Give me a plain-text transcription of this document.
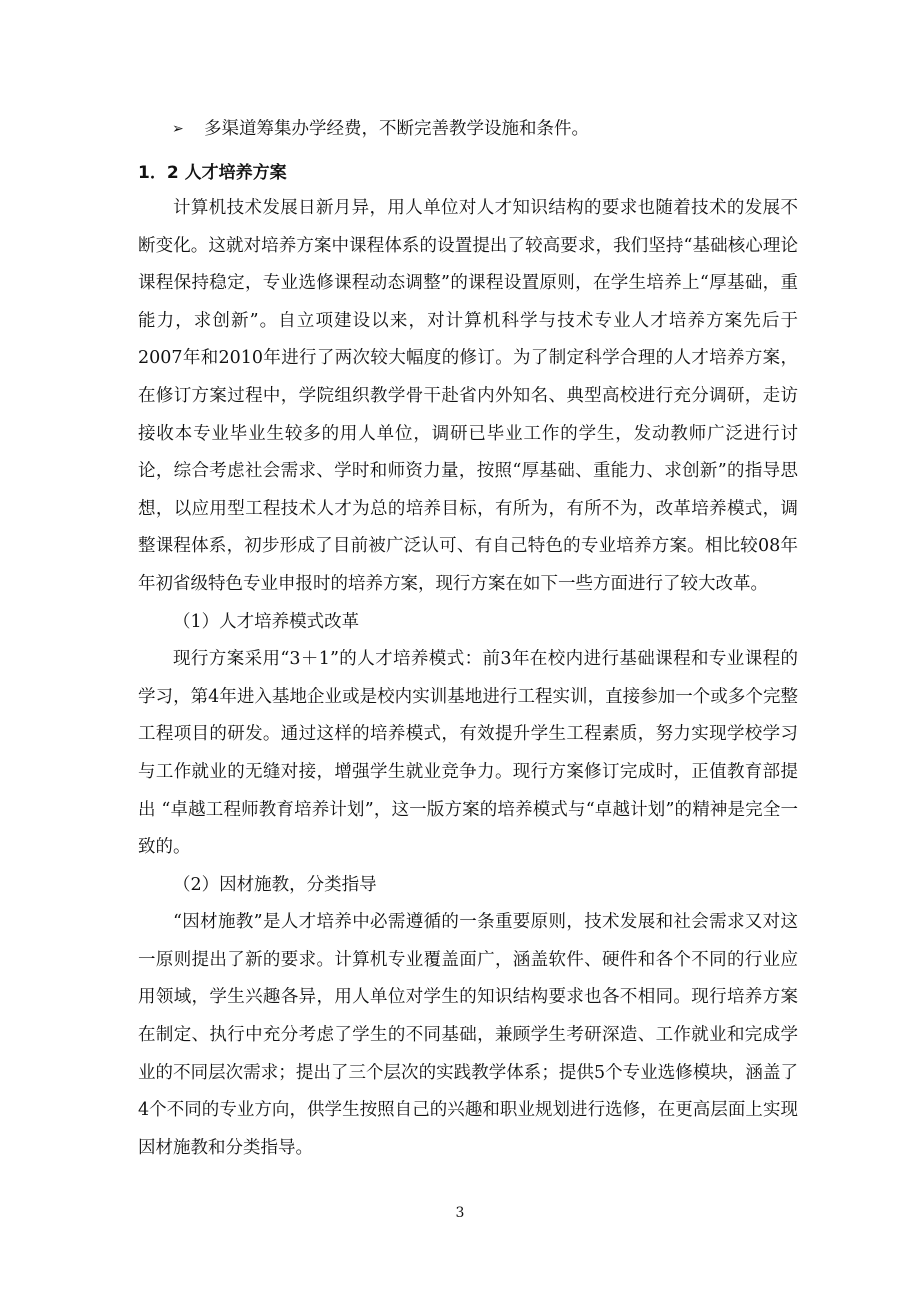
➢	多渠道筹集办学经费，不断完善教学设施和条件。
1．2 人才培养方案

计算机技术发展日新月异，用人单位对人才知识结构的要求也随着技术的发展不断变化。这就对培养方案中课程体系的设置提出了较高要求，我们坚持“基础核心理论课程保持稳定，专业选修课程动态调整”的课程设置原则，在学生培养上“厚基础，重能力，求创新”。自立项建设以来，对计算机科学与技术专业人才培养方案先后于2007年和2010年进行了两次较大幅度的修订。为了制定科学合理的人才培养方案，在修订方案过程中，学院组织教学骨干赴省内外知名、典型高校进行充分调研，走访接收本专业毕业生较多的用人单位，调研已毕业工作的学生，发动教师广泛进行讨论，综合考虑社会需求、学时和师资力量，按照“厚基础、重能力、求创新”的指导思想，以应用型工程技术人才为总的培养目标，有所为，有所不为，改革培养模式，调整课程体系，初步形成了目前被广泛认可、有自己特色的专业培养方案。相比较08年年初省级特色专业申报时的培养方案，现行方案在如下一些方面进行了较大改革。

（1）人才培养模式改革

现行方案采用“3＋1”的人才培养模式：前3年在校内进行基础课程和专业课程的学习，第4年进入基地企业或是校内实训基地进行工程实训，直接参加一个或多个完整工程项目的研发。通过这样的培养模式，有效提升学生工程素质，努力实现学校学习与工作就业的无缝对接，增强学生就业竞争力。现行方案修订完成时，正值教育部提出 “卓越工程师教育培养计划”，这一版方案的培养模式与“卓越计划”的精神是完全一致的。

（2）因材施教，分类指导

“因材施教”是人才培养中必需遵循的一条重要原则，技术发展和社会需求又对这一原则提出了新的要求。计算机专业覆盖面广，涵盖软件、硬件和各个不同的行业应用领域，学生兴趣各异，用人单位对学生的知识结构要求也各不相同。现行培养方案在制定、执行中充分考虑了学生的不同基础，兼顾学生考研深造、工作就业和完成学业的不同层次需求；提出了三个层次的实践教学体系；提供5个专业选修模块，涵盖了4个不同的专业方向，供学生按照自己的兴趣和职业规划进行选修，在更高层面上实现因材施教和分类指导。

3
